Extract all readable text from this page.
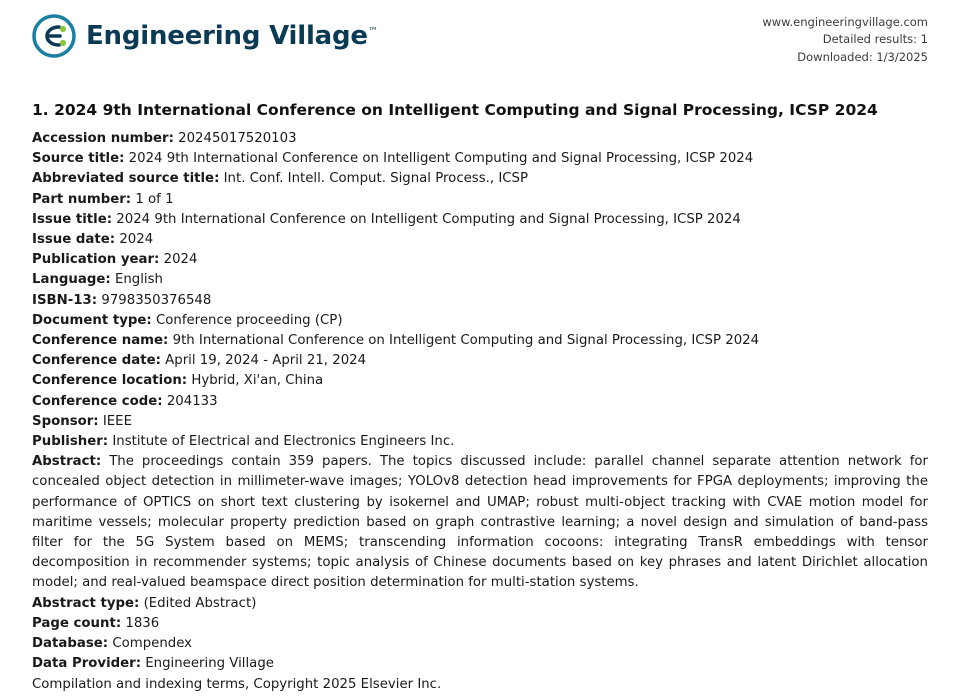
Engineering Village™
www.engineeringvillage.com
Detailed results: 1
Downloaded: 1/3/2025
1. 2024 9th International Conference on Intelligent Computing and Signal Processing, ICSP 2024

Accession number: 20245017520103

Source title: 2024 9th International Conference on Intelligent Computing and Signal Processing, ICSP 2024

Abbreviated source title: Int. Conf. Intell. Comput. Signal Process., ICSP

Part number: 1 of 1

Issue title: 2024 9th International Conference on Intelligent Computing and Signal Processing, ICSP 2024

Issue date: 2024

Publication year: 2024

Language: English

ISBN-13: 9798350376548

Document type: Conference proceeding (CP)

Conference name: 9th International Conference on Intelligent Computing and Signal Processing, ICSP 2024

Conference date: April 19, 2024 - April 21, 2024

Conference location: Hybrid, Xi'an, China

Conference code: 204133

Sponsor: IEEE

Publisher: Institute of Electrical and Electronics Engineers Inc.

Abstract: The proceedings contain 359 papers. The topics discussed include: parallel channel separate attention network for concealed object detection in millimeter-wave images; YOLOv8 detection head improvements for FPGA deployments; improving the performance of OPTICS on short text clustering by isokernel and UMAP; robust multi-object tracking with CVAE motion model for maritime vessels; molecular property prediction based on graph contrastive learning; a novel design and simulation of band-pass filter for the 5G System based on MEMS; transcending information cocoons: integrating TransR embeddings with tensor decomposition in recommender systems; topic analysis of Chinese documents based on key phrases and latent Dirichlet allocation model; and real-valued beamspace direct position determination for multi-station systems.

Abstract type: (Edited Abstract)

Page count: 1836

Database: Compendex

Data Provider: Engineering Village

Compilation and indexing terms, Copyright 2025 Elsevier Inc.
